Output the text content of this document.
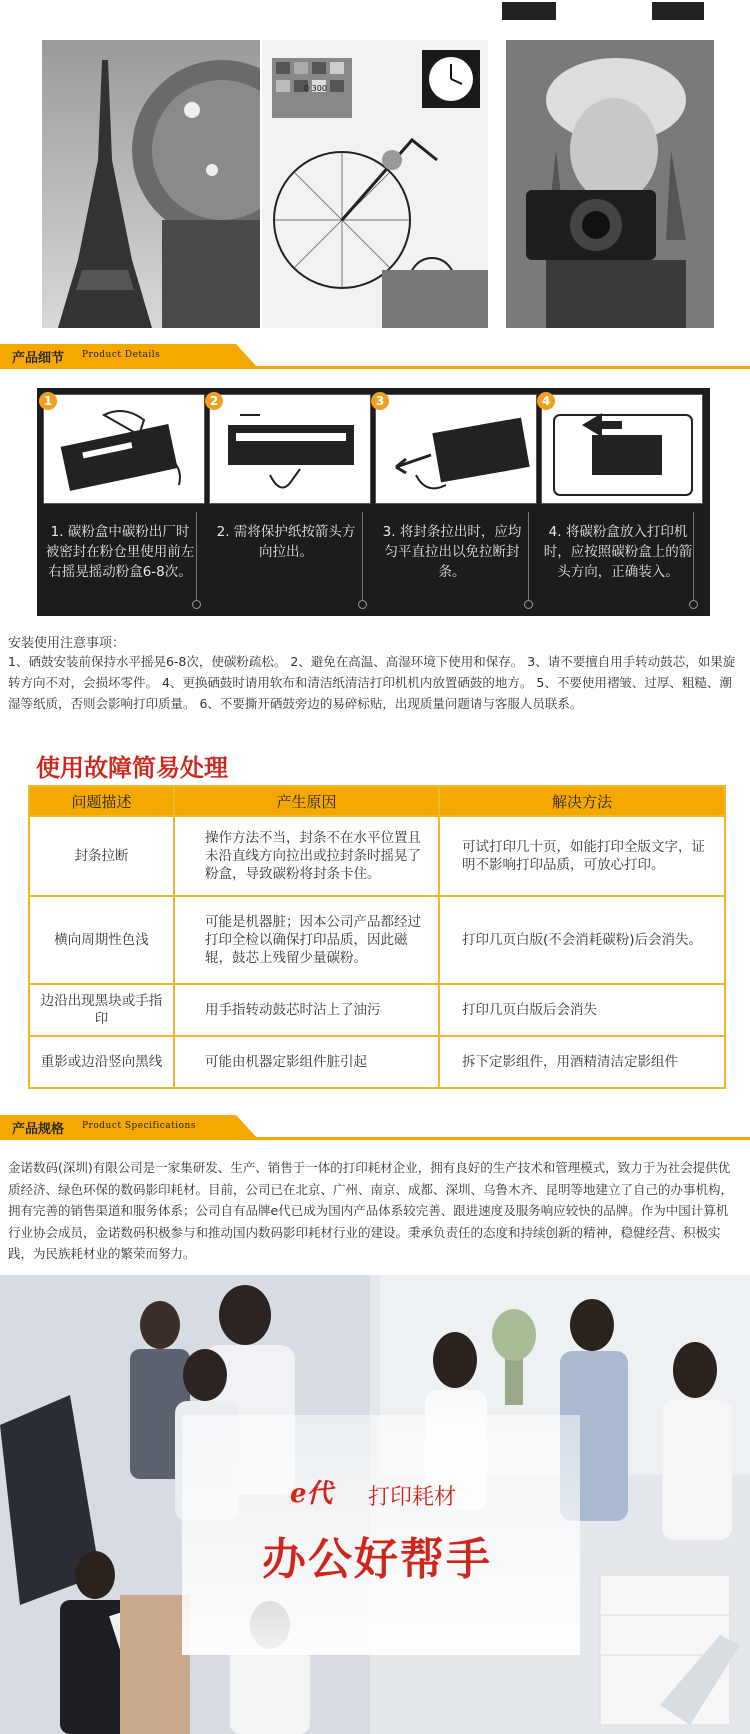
0 300
产品细节 Product Details
1
1. 碳粉盒中碳粉出厂时被密封在粉仓里使用前左右摇晃摇动粉盒6-8次。
2
2. 需将保护纸按箭头方向拉出。
3
3. 将封条拉出时，应均匀平直拉出以免拉断封条。
4
4. 将碳粉盒放入打印机时，应按照碳粉盒上的箭头方向，正确装入。
安装使用注意事项：
1、硒鼓安装前保持水平摇晃6-8次，使碳粉疏松。 2、避免在高温、高湿环境下使用和保存。 3、请不要擅自用手转动鼓芯，如果旋转方向不对，会损坏零件。 4、更换硒鼓时请用软布和清洁纸清洁打印机机内放置硒鼓的地方。 5、不要使用褶皱、过厚、粗糙、潮湿等纸质，否则会影响打印质量。 6、不要撕开硒鼓旁边的易碎标贴，出现质量问题请与客服人员联系。
使用故障简易处理
问题描述	产生原因	解决方法
封条拉断	操作方法不当，封条不在水平位置且未沿直线方向拉出或拉封条时摇晃了粉盒，导致碳粉将封条卡住。	可试打印几十页，如能打印全版文字，证明不影响打印品质，可放心打印。
横向周期性色浅	可能是机器脏；因本公司产品都经过 打印全检以确保打印品质，因此磁辊，鼓芯上残留少量碳粉。	打印几页白版(不会消耗碳粉)后会消失。
边沿出现黑块或手指印	用手指转动鼓芯时沾上了油污	打印几页白版后会消失
重影或边沿竖向黑线	可能由机器定影组件脏引起	拆下定影组件，用酒精清洁定影组件
产品规格 Product Specifications
金诺数码(深圳)有限公司是一家集研发、生产、销售于一体的打印耗材企业，拥有良好的生产技术和管理模式，致力于为社会提供优质经济、绿色环保的数码影印耗材。目前，公司已在北京、广州、南京、成都、深圳、乌鲁木齐、昆明等地建立了自己的办事机构，拥有完善的销售渠道和服务体系；公司自有品牌e代已成为国内产品体系较完善、跟进速度及服务响应较快的品牌。作为中国计算机行业协会成员，金诺数码积极参与和推动国内数码影印耗材行业的建设。秉承负责任的态度和持续创新的精神，稳健经营、积极实践，为民族耗材业的繁荣而努力。
e代 打印耗材
办公好帮手
